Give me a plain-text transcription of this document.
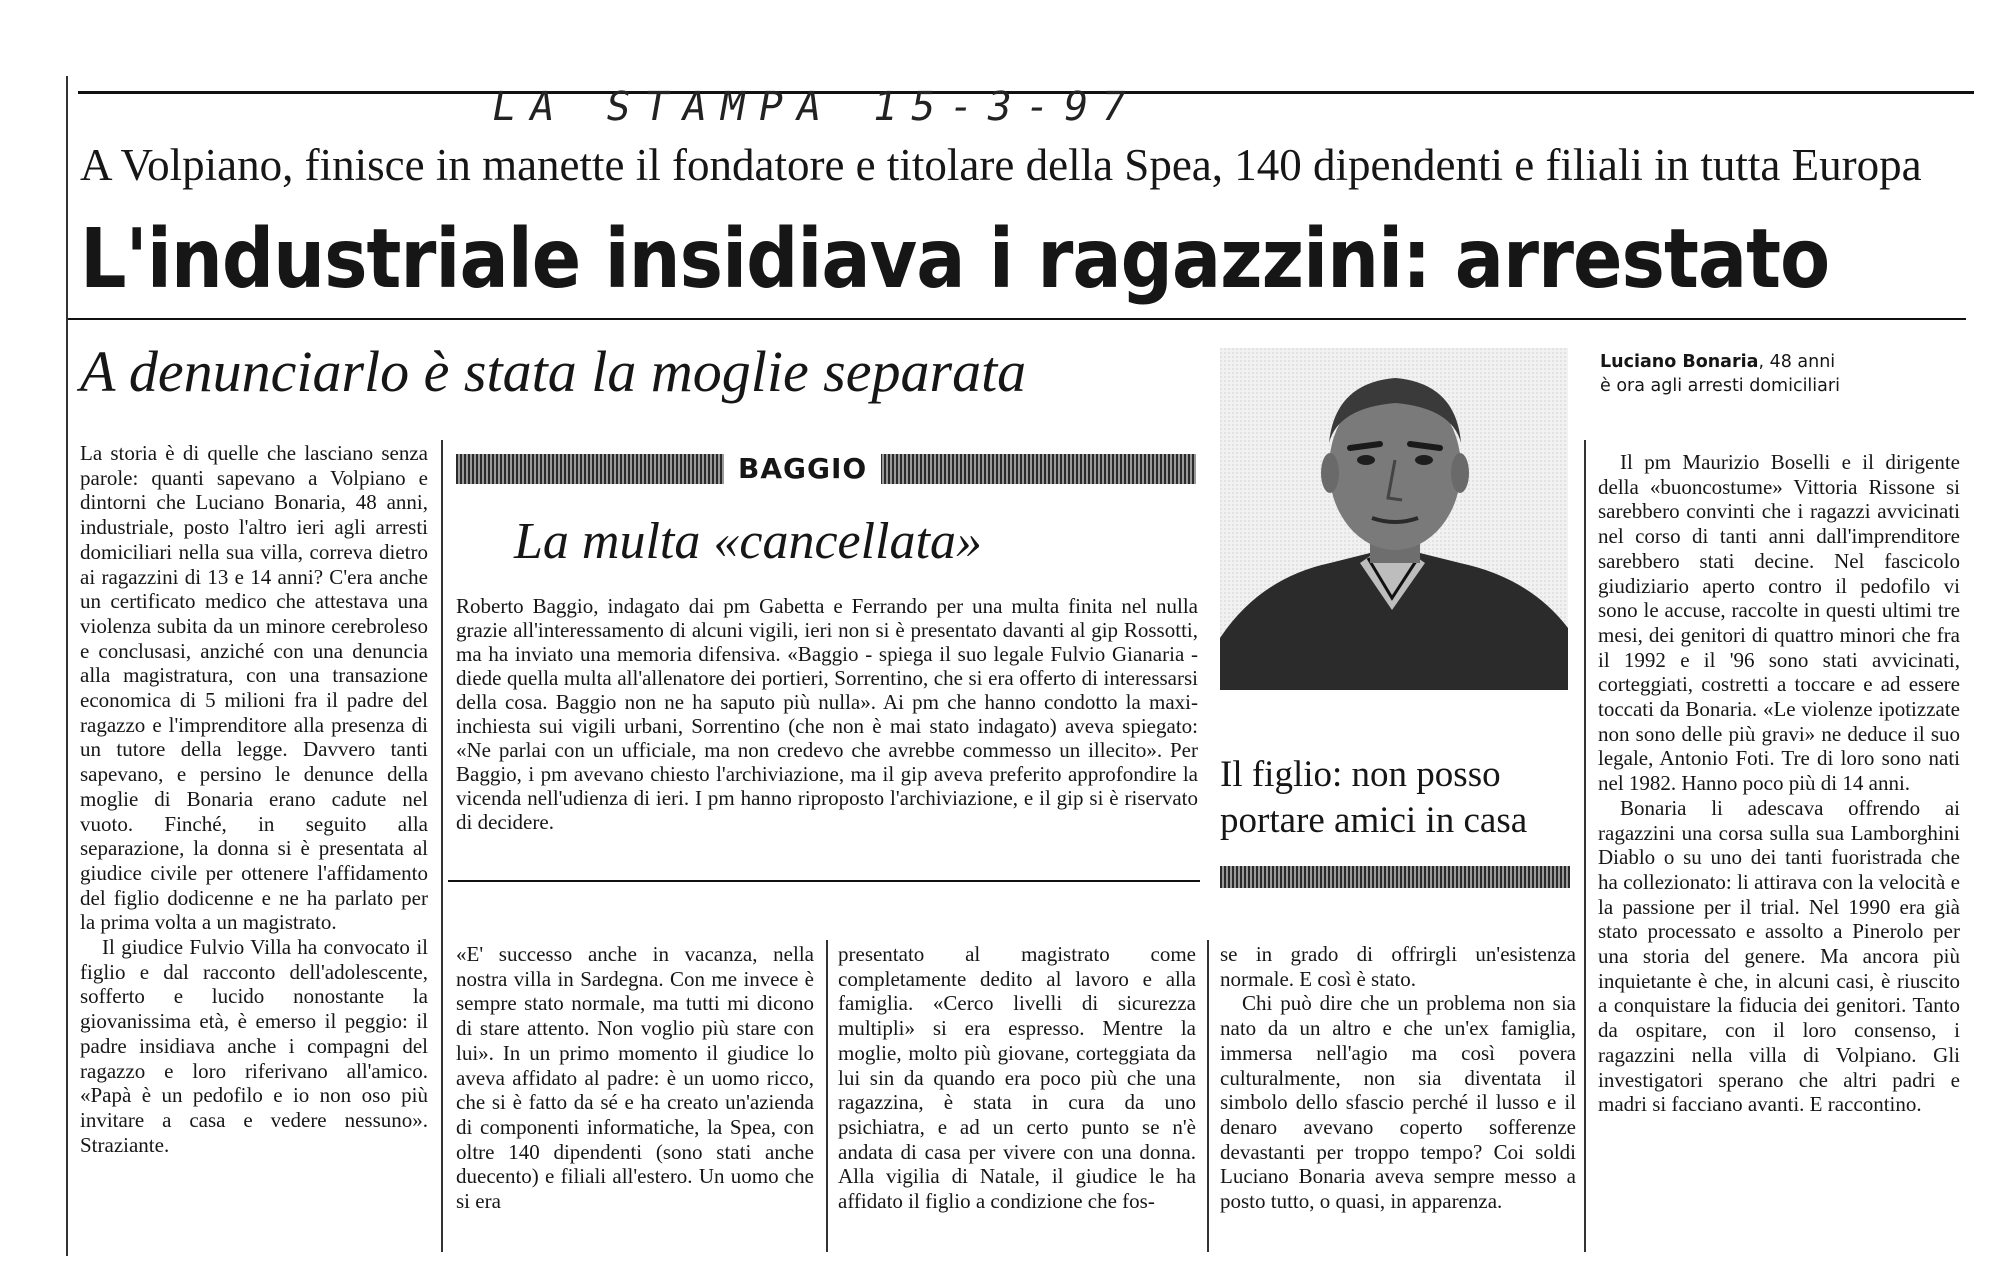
LA STAMPA 15-3-97
A Volpiano, finisce in manette il fondatore e titolare della Spea, 140 dipendenti e filiali in tutta Europa
L'industriale insidiava i ragazzini: arrestato
A denunciarlo è stata la moglie separata

La storia è di quelle che lasciano senza parole: quanti sapevano a Volpiano e dintorni che Luciano Bonaria, 48 anni, industriale, posto l'altro ieri agli arresti domiciliari nella sua villa, correva dietro ai ragazzini di 13 e 14 anni? C'era anche un certificato medico che attestava una violenza subita da un minore cerebroleso e conclusasi, anziché con una denuncia alla magistratura, con una transazione economica di 5 milioni fra il padre del ragazzo e l'imprenditore alla presenza di un tutore della legge. Davvero tanti sapevano, e persino le denunce della moglie di Bonaria erano cadute nel vuoto. Finché, in seguito alla separazione, la donna si è presentata al giudice civile per ottenere l'affidamento del figlio dodicenne e ne ha parlato per la prima volta a un magistrato.

Il giudice Fulvio Villa ha convocato il figlio e dal racconto dell'adolescente, sofferto e lucido nonostante la giovanissima età, è emerso il peggio: il padre insidiava anche i compagni del ragazzo e loro riferivano all'amico. «Papà è un pedofilo e io non oso più invitare a casa e vedere nessuno». Straziante.

BAGGIO
La multa «cancellata»

Roberto Baggio, indagato dai pm Gabetta e Ferrando per una multa finita nel nulla grazie all'interessamento di alcuni vigili, ieri non si è presentato davanti al gip Rossotti, ma ha inviato una memoria difensiva. «Baggio - spiega il suo legale Fulvio Gianaria - diede quella multa all'allenatore dei portieri, Sorrentino, che si era offerto di interessarsi della cosa. Baggio non ne ha saputo più nulla». Ai pm che hanno condotto la maxi-inchiesta sui vigili urbani, Sorrentino (che non è mai stato indagato) aveva spiegato: «Ne parlai con un ufficiale, ma non credevo che avrebbe commesso un illecito». Per Baggio, i pm avevano chiesto l'archiviazione, ma il gip aveva preferito approfondire la vicenda nell'udienza di ieri. I pm hanno riproposto l'archiviazione, e il gip si è riservato di decidere.

Luciano Bonaria, 48 anni
è ora agli arresti domiciliari
Il figlio: non posso portare amici in casa

Il pm Maurizio Boselli e il dirigente della «buoncostume» Vittoria Rissone si sarebbero convinti che i ragazzi avvicinati nel corso di tanti anni dall'imprenditore sarebbero stati decine. Nel fascicolo giudiziario aperto contro il pedofilo vi sono le accuse, raccolte in questi ultimi tre mesi, dei genitori di quattro minori che fra il 1992 e il '96 sono stati avvicinati, corteggiati, costretti a toccare e ad essere toccati da Bonaria. «Le violenze ipotizzate non sono delle più gravi» ne deduce il suo legale, Antonio Foti. Tre di loro sono nati nel 1982. Hanno poco più di 14 anni.

Bonaria li adescava offrendo ai ragazzini una corsa sulla sua Lamborghini Diablo o su uno dei tanti fuoristrada che ha collezionato: li attirava con la velocità e la passione per il trial. Nel 1990 era già stato processato e assolto a Pinerolo per una storia del genere. Ma ancora più inquietante è che, in alcuni casi, è riuscito a conquistare la fiducia dei genitori. Tanto da ospitare, con il loro consenso, i ragazzini nella villa di Volpiano. Gli investigatori sperano che altri padri e madri si facciano avanti. E raccontino.

«E' successo anche in vacanza, nella nostra villa in Sardegna. Con me invece è sempre stato normale, ma tutti mi dicono di stare attento. Non voglio più stare con lui». In un primo momento il giudice lo aveva affidato al padre: è un uomo ricco, che si è fatto da sé e ha creato un'azienda di componenti informatiche, la Spea, con oltre 140 dipendenti (sono stati anche duecento) e filiali all'estero. Un uomo che si era

presentato al magistrato come completamente dedito al lavoro e alla famiglia. «Cerco livelli di sicurezza multipli» si era espresso. Mentre la moglie, molto più giovane, corteggiata da lui sin da quando era poco più che una ragazzina, è stata in cura da uno psichiatra, e ad un certo punto se n'è andata di casa per vivere con una donna. Alla vigilia di Natale, il giudice le ha affidato il figlio a condizione che fos-

se in grado di offrirgli un'esistenza normale. E così è stato.

Chi può dire che un problema non sia nato da un altro e che un'ex famiglia, immersa nell'agio ma così povera culturalmente, non sia diventata il simbolo dello sfascio perché il lusso e il denaro avevano coperto sofferenze devastanti per troppo tempo? Coi soldi Luciano Bonaria aveva sempre messo a posto tutto, o quasi, in apparenza.
